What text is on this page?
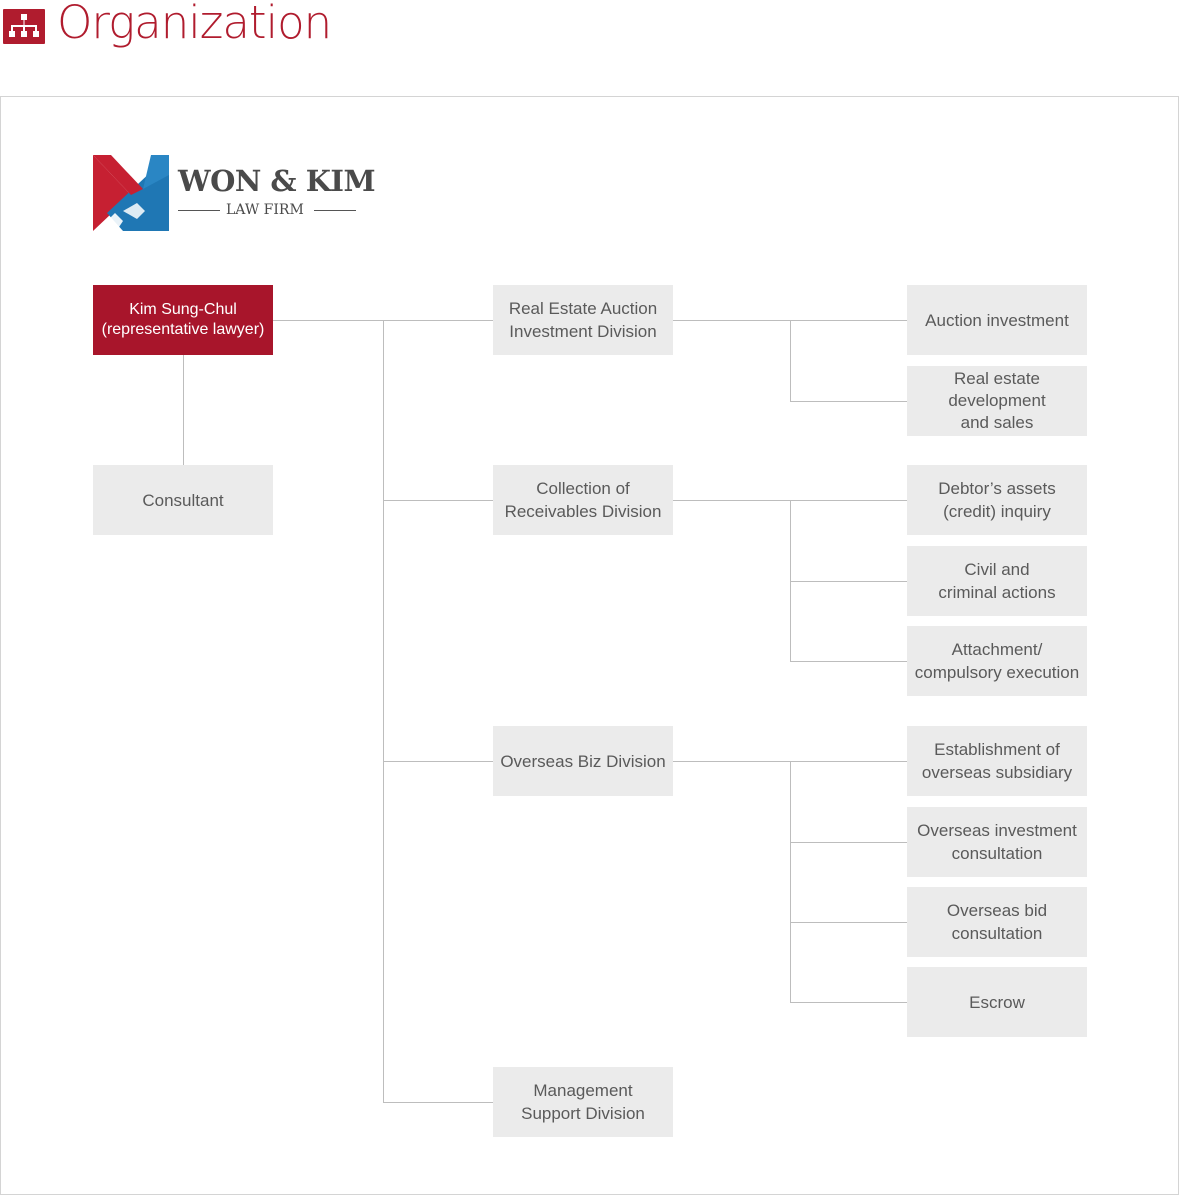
Organization
WON & KIM
LAW FIRM
Kim Sung-Chul
(representative lawyer)
Consultant
Real Estate Auction
Investment Division
Collection of
Receivables Division
Overseas Biz Division
Management
Support Division
Auction investment
Real estate
development
and sales
Debtor’s assets
(credit) inquiry
Civil and
criminal actions
Attachment/
compulsory execution
Establishment of
overseas subsidiary
Overseas investment
consultation
Overseas bid
consultation
Escrow
